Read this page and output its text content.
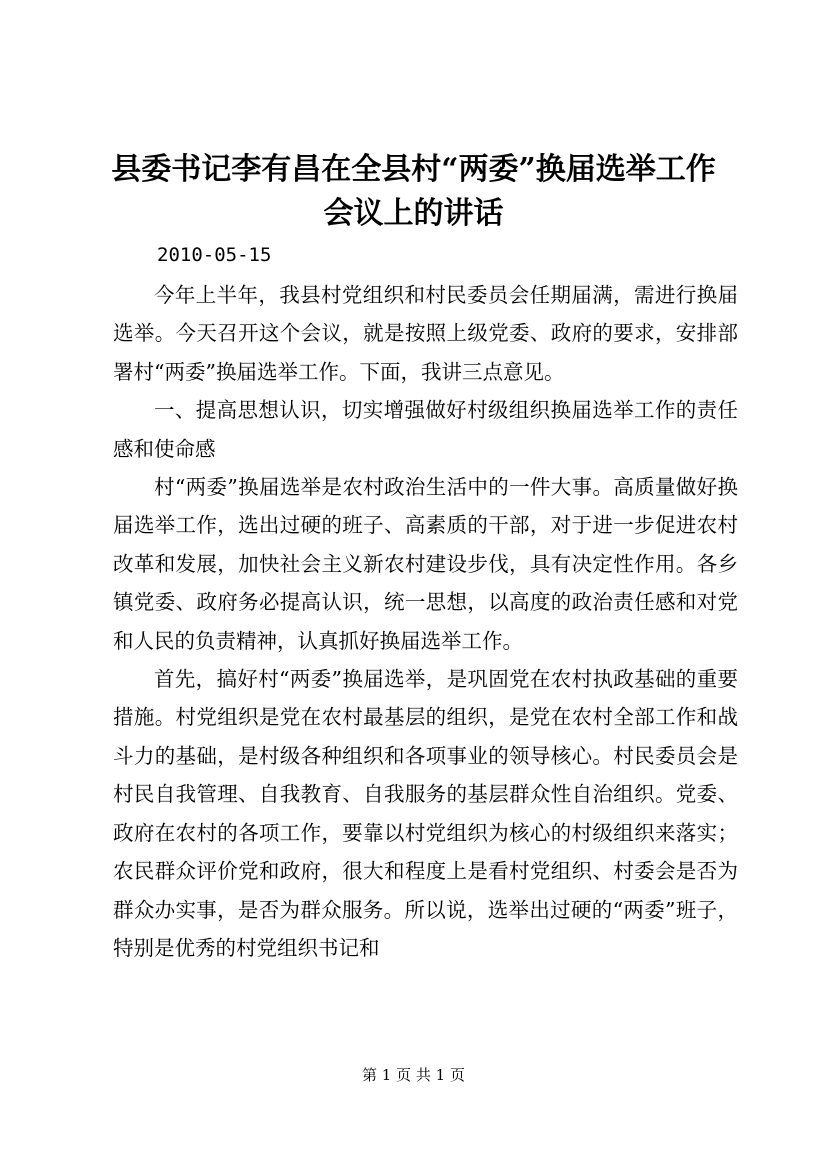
县委书记李有昌在全县村“两委”换届选举工作会议上的讲话
2010-05-15

今年上半年，我县村党组织和村民委员会任期届满，需进行换届选举。今天召开这个会议，就是按照上级党委、政府的要求，安排部署村“两委”换届选举工作。下面，我讲三点意见。

一、提高思想认识，切实增强做好村级组织换届选举工作的责任感和使命感

村“两委”换届选举是农村政治生活中的一件大事。高质量做好换届选举工作，选出过硬的班子、高素质的干部，对于进一步促进农村改革和发展，加快社会主义新农村建设步伐，具有决定性作用。各乡镇党委、政府务必提高认识，统一思想，以高度的政治责任感和对党和人民的负责精神，认真抓好换届选举工作。

首先，搞好村“两委”换届选举，是巩固党在农村执政基础的重要措施。村党组织是党在农村最基层的组织，是党在农村全部工作和战斗力的基础，是村级各种组织和各项事业的领导核心。村民委员会是村民自我管理、自我教育、自我服务的基层群众性自治组织。党委、政府在农村的各项工作，要靠以村党组织为核心的村级组织来落实；农民群众评价党和政府，很大和程度上是看村党组织、村委会是否为群众办实事，是否为群众服务。所以说，选举出过硬的“两委”班子，特别是优秀的村党组织书记和

第 1 页 共 1 页
